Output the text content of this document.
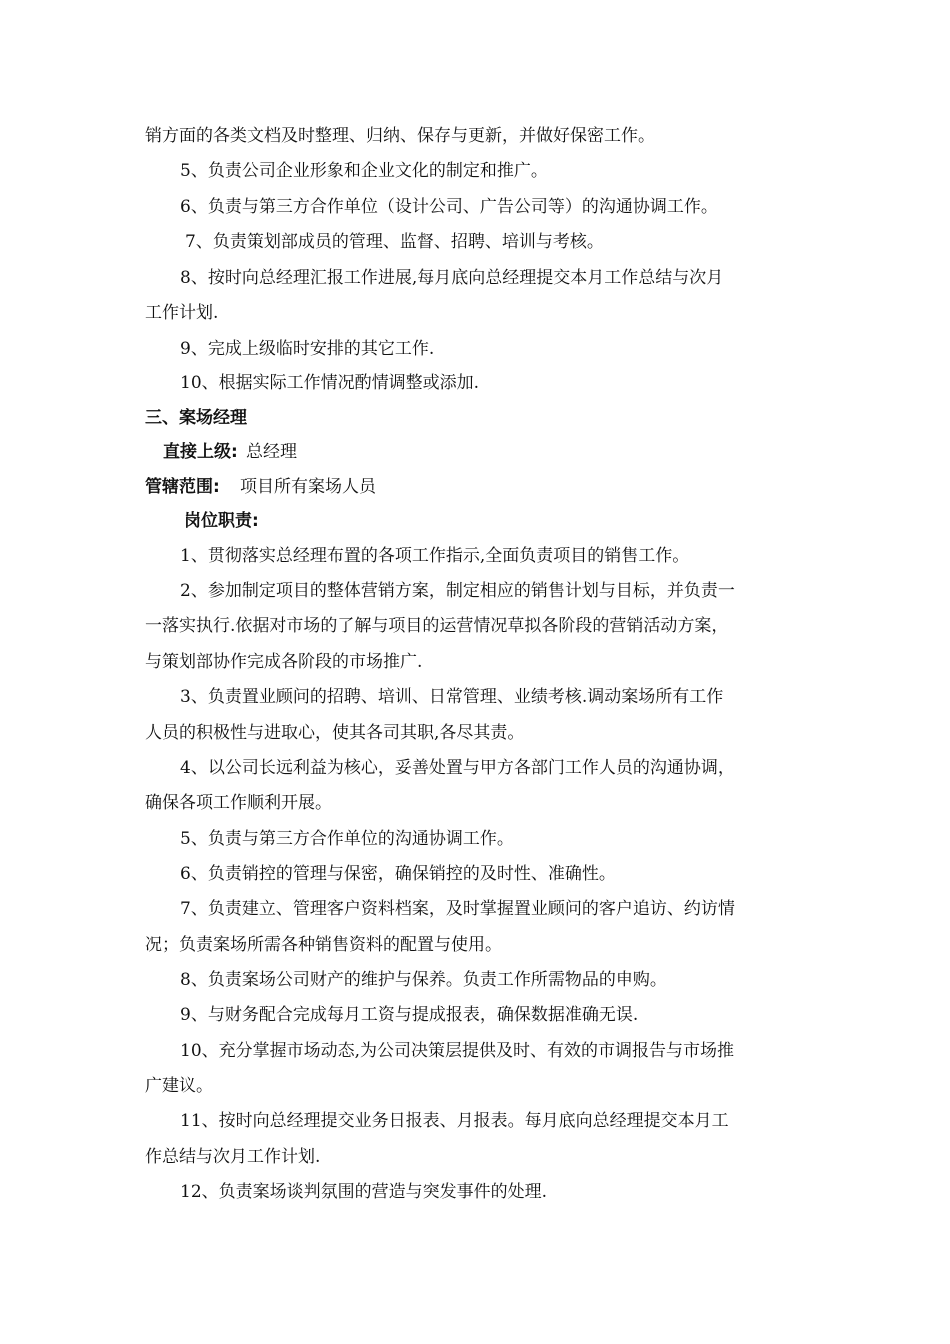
销方面的各类文档及时整理、归纳、保存与更新，并做好保密工作。
5、负责公司企业形象和企业文化的制定和推广。
6、负责与第三方合作单位（设计公司、广告公司等）的沟通协调工作。
7、负责策划部成员的管理、监督、招聘、培训与考核。
8、按时向总经理汇报工作进展,每月底向总经理提交本月工作总结与次月
工作计划.
9、完成上级临时安排的其它工作.
10、根据实际工作情况酌情调整或添加.
三、案场经理
直接上级: 总经理
管辖范围: 项目所有案场人员
岗位职责:
1、贯彻落实总经理布置的各项工作指示,全面负责项目的销售工作。
2、参加制定项目的整体营销方案，制定相应的销售计划与目标，并负责一
一落实执行.依据对市场的了解与项目的运营情况草拟各阶段的营销活动方案，
与策划部协作完成各阶段的市场推广.
3、负责置业顾问的招聘、培训、日常管理、业绩考核.调动案场所有工作
人员的积极性与进取心，使其各司其职,各尽其责。
4、以公司长远利益为核心，妥善处置与甲方各部门工作人员的沟通协调，
确保各项工作顺利开展。
5、负责与第三方合作单位的沟通协调工作。
6、负责销控的管理与保密，确保销控的及时性、准确性。
7、负责建立、管理客户资料档案，及时掌握置业顾问的客户追访、约访情
况；负责案场所需各种销售资料的配置与使用。
8、负责案场公司财产的维护与保养。负责工作所需物品的申购。
9、与财务配合完成每月工资与提成报表，确保数据准确无误.
10、充分掌握市场动态,为公司决策层提供及时、有效的市调报告与市场推
广建议。
11、按时向总经理提交业务日报表、月报表。每月底向总经理提交本月工
作总结与次月工作计划.
12、负责案场谈判氛围的营造与突发事件的处理.
